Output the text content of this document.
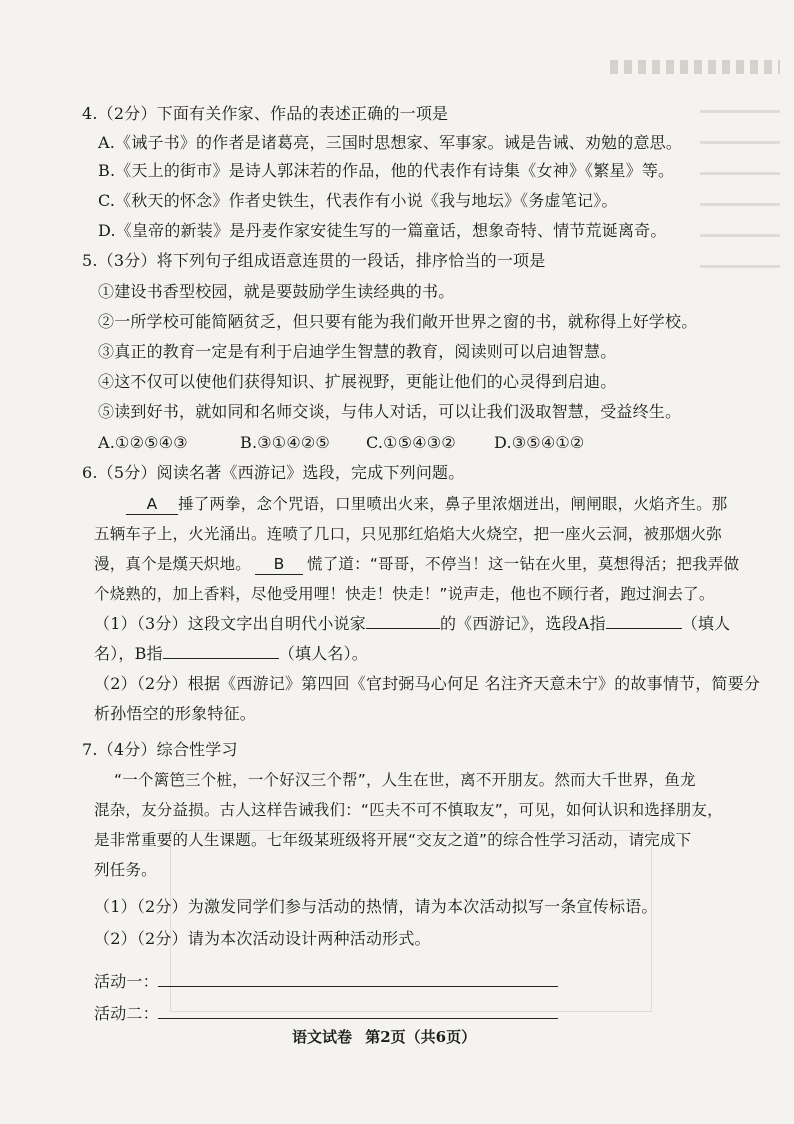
4.（2分）下面有关作家、作品的表述正确的一项是
A.《诫子书》的作者是诸葛亮，三国时思想家、军事家。诫是告诫、劝勉的意思。
B.《天上的街市》是诗人郭沫若的作品，他的代表作有诗集《女神》《繁星》等。
C.《秋天的怀念》作者史铁生，代表作有小说《我与地坛》《务虚笔记》。
D.《皇帝的新装》是丹麦作家安徒生写的一篇童话，想象奇特、情节荒诞离奇。
5.（3分）将下列句子组成语意连贯的一段话，排序恰当的一项是
①建设书香型校园，就是要鼓励学生读经典的书。
②一所学校可能简陋贫乏，但只要有能为我们敞开世界之窗的书，就称得上好学校。
③真正的教育一定是有利于启迪学生智慧的教育，阅读则可以启迪智慧。
④这不仅可以使他们获得知识、扩展视野，更能让他们的心灵得到启迪。
⑤读到好书，就如同和名师交谈，与伟人对话，可以让我们汲取智慧，受益终生。
A.①②⑤④③	B.③①④②⑤ C.①⑤④③② D.③⑤④①②
6.（5分）阅读名著《西游记》选段，完成下列问题。
A 捶了两拳，念个咒语，口里喷出火来，鼻子里浓烟迸出，闸闸眼，火焰齐生。那
五辆车子上，火光涌出。连喷了几口，只见那红焰焰大火烧空，把一座火云洞，被那烟火弥
漫，真个是熯天炽地。 B 慌了道：“哥哥，不停当！这一钻在火里，莫想得活；把我弄做
个烧熟的，加上香料，尽他受用哩！快走！快走！”说声走，他也不顾行者，跑过涧去了。
（1）（3分）这段文字出自明代小说家	的《西游记》，选段A指	（填人
名），B指	（填人名）。
（2）（2分）根据《西游记》第四回《官封弼马心何足 名注齐天意未宁》的故事情节，简要分
析孙悟空的形象特征。
7.（4分）综合性学习
“一个篱笆三个桩，一个好汉三个帮”，人生在世，离不开朋友。然而大千世界，鱼龙
混杂，友分益损。古人这样告诫我们：“匹夫不可不慎取友”，可见，如何认识和选择朋友，
是非常重要的人生课题。七年级某班级将开展“交友之道”的综合性学习活动，请完成下
列任务。
（1）（2分）为激发同学们参与活动的热情，请为本次活动拟写一条宣传标语。
（2）（2分）请为本次活动设计两种活动形式。
活动一：
活动二：
语文试卷 第2页（共6页）
